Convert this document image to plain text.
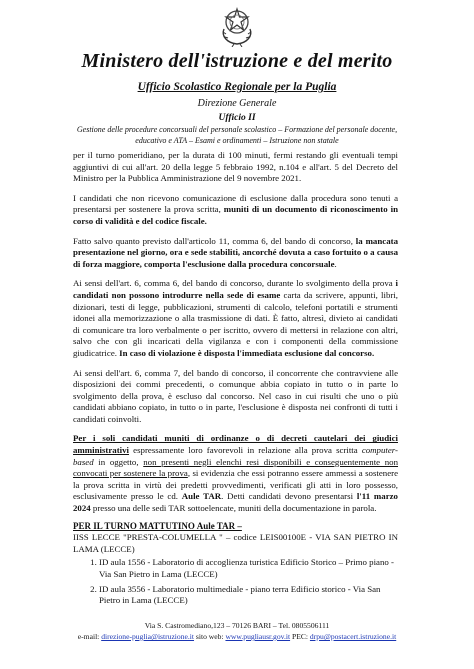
Ministero dell'istruzione e del merito
Ufficio Scolastico Regionale per la Puglia
Direzione Generale
Ufficio II
Gestione delle procedure concorsuali del personale scolastico – Formazione del personale docente,
educativo e ATA – Esami e ordinamenti – Istruzione non statale

per il turno pomeridiano, per la durata di 100 minuti, fermi restando gli eventuali tempi aggiuntivi di cui all'art. 20 della legge 5 febbraio 1992, n.104 e all'art. 5 del Decreto del Ministro per la Pubblica Amministrazione del 9 novembre 2021.

I candidati che non ricevono comunicazione di esclusione dalla procedura sono tenuti a presentarsi per sostenere la prova scritta, muniti di un documento di riconoscimento in corso di validità e del codice fiscale.

Fatto salvo quanto previsto dall'articolo 11, comma 6, del bando di concorso, la mancata presentazione nel giorno, ora e sede stabiliti, ancorché dovuta a caso fortuito o a causa di forza maggiore, comporta l'esclusione dalla procedura concorsuale.

Ai sensi dell'art. 6, comma 6, del bando di concorso, durante lo svolgimento della prova i candidati non possono introdurre nella sede di esame carta da scrivere, appunti, libri, dizionari, testi di legge, pubblicazioni, strumenti di calcolo, telefoni portatili e strumenti idonei alla memorizzazione o alla trasmissione di dati. È fatto, altresì, divieto ai candidati di comunicare tra loro verbalmente o per iscritto, ovvero di mettersi in relazione con altri, salvo che con gli incaricati della vigilanza e con i componenti della commissione giudicatrice. In caso di violazione è disposta l'immediata esclusione dal concorso.

Ai sensi dell'art. 6, comma 7, del bando di concorso, il concorrente che contravviene alle disposizioni dei commi precedenti, o comunque abbia copiato in tutto o in parte lo svolgimento della prova, è escluso dal concorso. Nel caso in cui risulti che uno o più candidati abbiano copiato, in tutto o in parte, l'esclusione è disposta nei confronti di tutti i candidati coinvolti.

Per i soli candidati muniti di ordinanze o di decreti cautelari dei giudici amministrativi espressamente loro favorevoli in relazione alla prova scritta computer-based in oggetto, non presenti negli elenchi resi disponibili e conseguentemente non convocati per sostenere la prova, si evidenzia che essi potranno essere ammessi a sostenere la prova scritta in virtù dei predetti provvedimenti, verificati gli atti in loro possesso, esclusivamente presso le cd. Aule TAR. Detti candidati devono presentarsi l'11 marzo 2024 presso una delle sedi TAR sottoelencate, muniti della documentazione in parola.

PER IL TURNO MATTUTINO Aule TAR –
IISS LECCE "PRESTA-COLUMELLA " – codice LEIS00100E - VIA SAN PIETRO IN LAMA (LECCE)
1. ID aula 1556 - Laboratorio di accoglienza turistica Edificio Storico – Primo piano - Via San Pietro in Lama (LECCE)
2. ID aula 3556 - Laboratorio multimediale - piano terra Edificio storico - Via San Pietro in Lama (LECCE)
Via S. Castromediano,123 – 70126 BARI – Tel. 0805506111
e-mail: direzione-puglia@istruzione.it sito web: www.pugliausr.gov.it PEC: drpu@postacert.istruzione.it
